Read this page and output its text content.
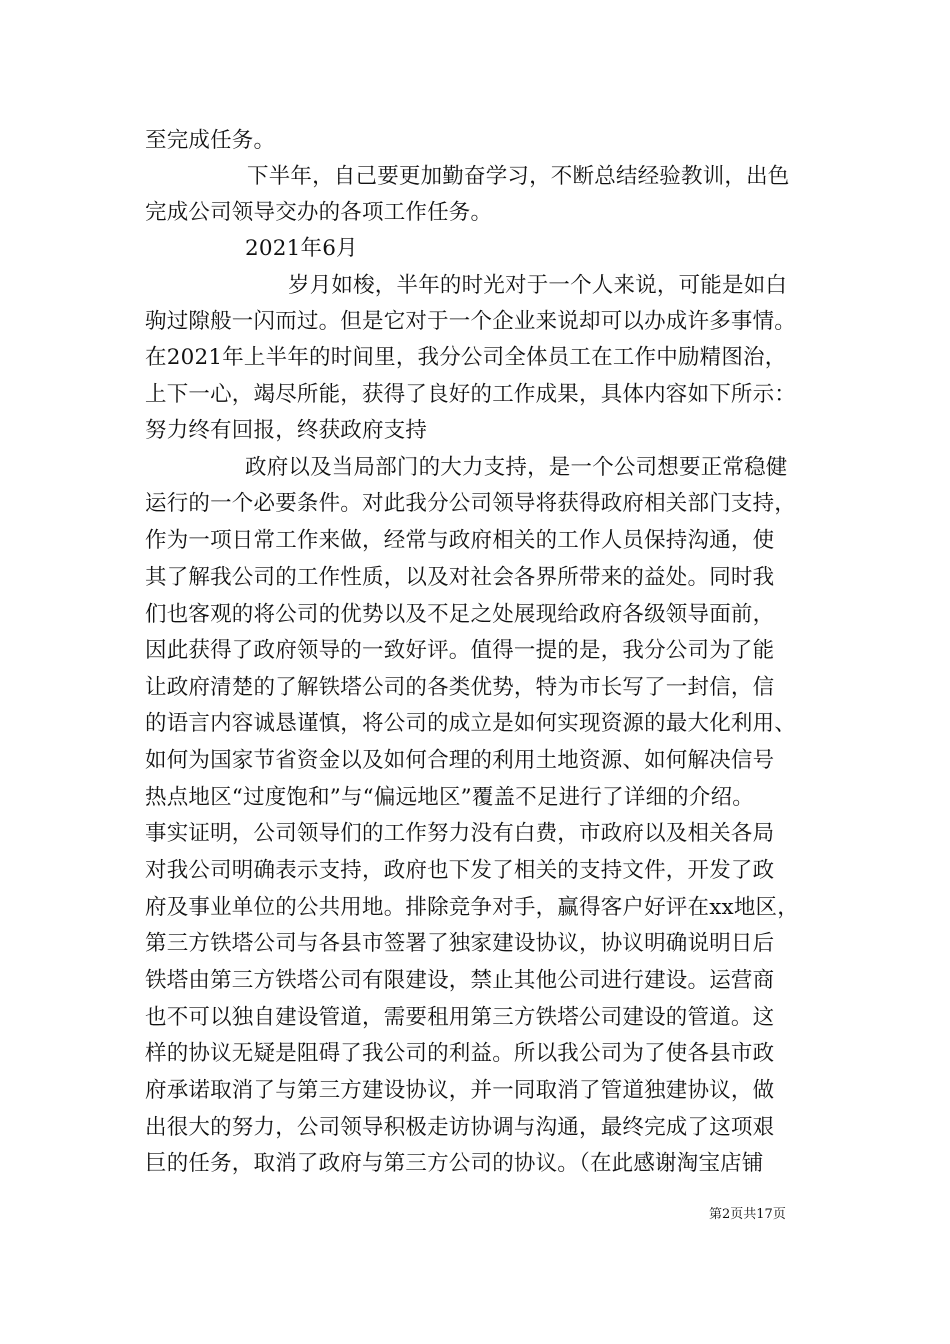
至完成任务。
下半年，自己要更加勤奋学习，不断总结经验教训，出色
完成公司领导交办的各项工作任务。
2021年6月
岁月如梭，半年的时光对于一个人来说，可能是如白
驹过隙般一闪而过。但是它对于一个企业来说却可以办成许多事情。
在2021年上半年的时间里，我分公司全体员工在工作中励精图治，
上下一心，竭尽所能，获得了良好的工作成果，具体内容如下所示：
努力终有回报，终获政府支持
政府以及当局部门的大力支持，是一个公司想要正常稳健
运行的一个必要条件。对此我分公司领导将获得政府相关部门支持，
作为一项日常工作来做，经常与政府相关的工作人员保持沟通，使
其了解我公司的工作性质，以及对社会各界所带来的益处。同时我
们也客观的将公司的优势以及不足之处展现给政府各级领导面前，
因此获得了政府领导的一致好评。值得一提的是，我分公司为了能
让政府清楚的了解铁塔公司的各类优势，特为市长写了一封信，信
的语言内容诚恳谨慎，将公司的成立是如何实现资源的最大化利用、
如何为国家节省资金以及如何合理的利用土地资源、如何解决信号
热点地区“过度饱和”与“偏远地区”覆盖不足进行了详细的介绍。
事实证明，公司领导们的工作努力没有白费，市政府以及相关各局
对我公司明确表示支持，政府也下发了相关的支持文件，开发了政
府及事业单位的公共用地。排除竞争对手，赢得客户好评在xx地区，
第三方铁塔公司与各县市签署了独家建设协议，协议明确说明日后
铁塔由第三方铁塔公司有限建设，禁止其他公司进行建设。运营商
也不可以独自建设管道，需要租用第三方铁塔公司建设的管道。这
样的协议无疑是阻碍了我公司的利益。所以我公司为了使各县市政
府承诺取消了与第三方建设协议，并一同取消了管道独建协议，做
出很大的努力，公司领导积极走访协调与沟通，最终完成了这项艰
巨的任务，取消了政府与第三方公司的协议。（在此感谢淘宝店铺
第2页共17页
